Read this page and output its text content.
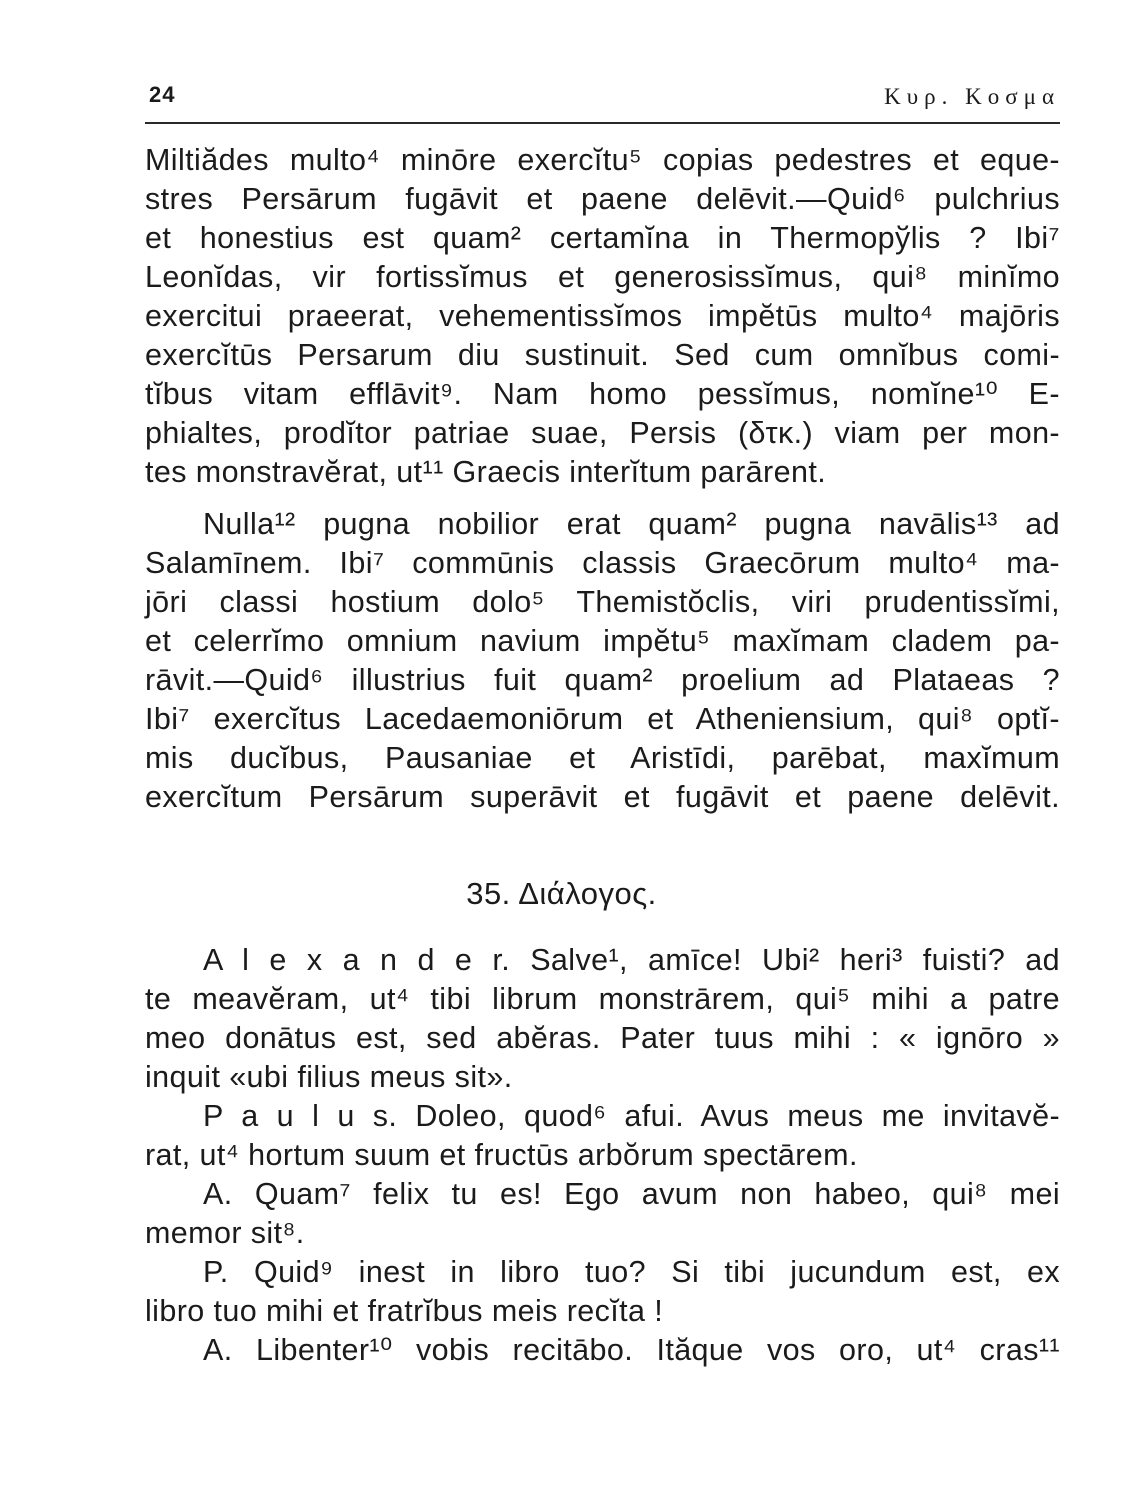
24	Κυρ. Κοσμα
Miltiădes multo⁴ minōre exercĭtu⁵ copias pedestres et eque-
stres Persārum fugāvit et paene delēvit.—Quid⁶ pulchrius
et honestius est quam² certamĭna in Thermopўlis ? Ibi⁷
Leonĭdas, vir fortissĭmus et generosissĭmus, qui⁸ minĭmo
exercitui praeerat, vehementissĭmos impĕtūs multo⁴ majōris
exercĭtūs Persarum diu sustinuit. Sed cum omnĭbus comi-
tĭbus vitam efflāvit⁹. Nam homo pessĭmus, nomĭne¹⁰ E-
phialtes, prodĭtor patriae suae, Persis (δτκ.) viam per mon-
tes monstravĕrat, ut¹¹ Graecis interĭtum parārent.
Nulla¹² pugna nobilior erat quam² pugna navālis¹³ ad
Salamīnem. Ibi⁷ commūnis classis Graecōrum multo⁴ ma-
jōri classi hostium dolo⁵ Themistŏclis, viri prudentissĭmi,
et celerrĭmo omnium navium impĕtu⁵ maxĭmam cladem pa-
rāvit.—Quid⁶ illustrius fuit quam² proelium ad Plataeas ?
Ibi⁷ exercĭtus Lacedaemoniōrum et Atheniensium, qui⁸ optĭ-
mis ducĭbus, Pausaniae et Aristīdi, parēbat, maxĭmum
exercĭtum Persārum superāvit et fugāvit et paene delēvit.
35. Διάλογος.
A l e x a n d e r. Salve¹, amīce! Ubi² heri³ fuisti? ad
te meavĕram, ut⁴ tibi librum monstrārem, qui⁵ mihi a patre
meo donātus est, sed abĕras. Pater tuus mihi : « ignōro »
inquit «ubi filius meus sit».
P a u l u s. Doleo, quod⁶ afui. Avus meus me invitavĕ-
rat, ut⁴ hortum suum et fructūs arbŏrum spectārem.
A. Quam⁷ felix tu es! Ego avum non habeo, qui⁸ mei
memor sit⁸.
P. Quid⁹ inest in libro tuo? Si tibi jucundum est, ex
libro tuo mihi et fratrĭbus meis recĭta !
A. Libenter¹⁰ vobis recitābo. Ităque vos oro, ut⁴ cras¹¹
